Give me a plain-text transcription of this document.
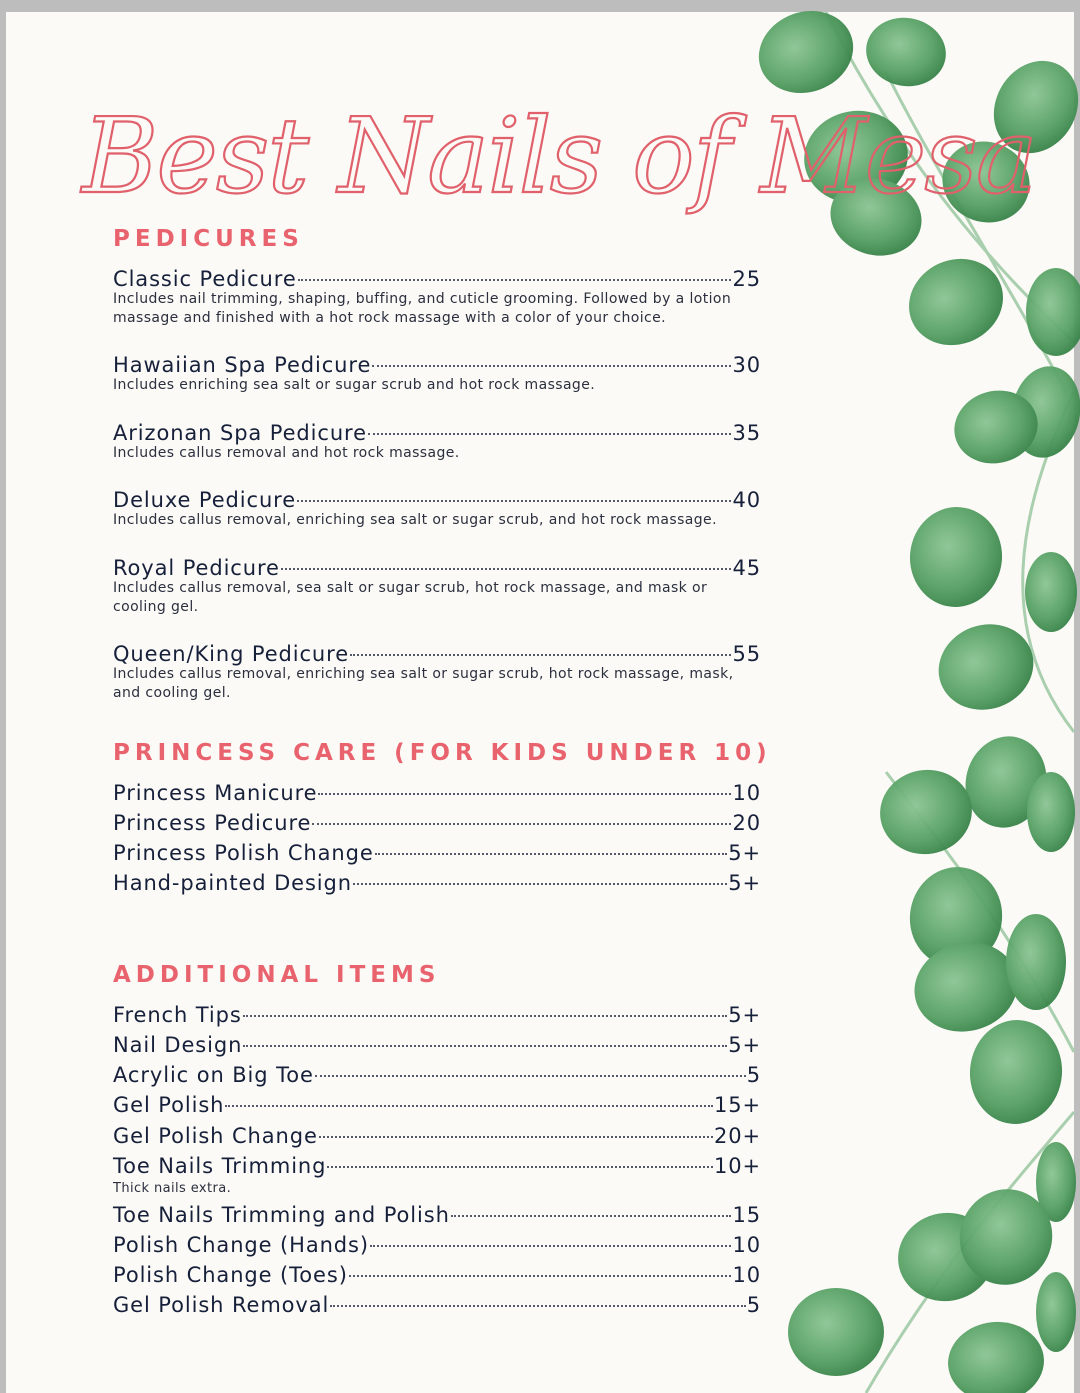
Best Nails of Mesa
PEDICURES
Classic Pedicure	25
Includes nail trimming, shaping, buffing, and cuticle grooming. Followed by a lotion massage and finished with a hot rock massage with a color of your choice.
Hawaiian Spa Pedicure	30
Includes enriching sea salt or sugar scrub and hot rock massage.
Arizonan Spa Pedicure	35
Includes callus removal and hot rock massage.
Deluxe Pedicure	40
Includes callus removal, enriching sea salt or sugar scrub, and hot rock massage.
Royal Pedicure	45
Includes callus removal, sea salt or sugar scrub, hot rock massage, and mask or cooling gel.
Queen/King Pedicure	55
Includes callus removal, enriching sea salt or sugar scrub, hot rock massage, mask, and cooling gel.
PRINCESS CARE (FOR KIDS UNDER 10)
Princess Manicure	10
Princess Pedicure	20
Princess Polish Change	5+
Hand-painted Design	5+
ADDITIONAL ITEMS
French Tips	5+
Nail Design	5+
Acrylic on Big Toe	5
Gel Polish	15+
Gel Polish Change	20+
Toe Nails Trimming	10+
Thick nails extra.
Toe Nails Trimming and Polish	15
Polish Change (Hands)	10
Polish Change (Toes)	10
Gel Polish Removal	5
